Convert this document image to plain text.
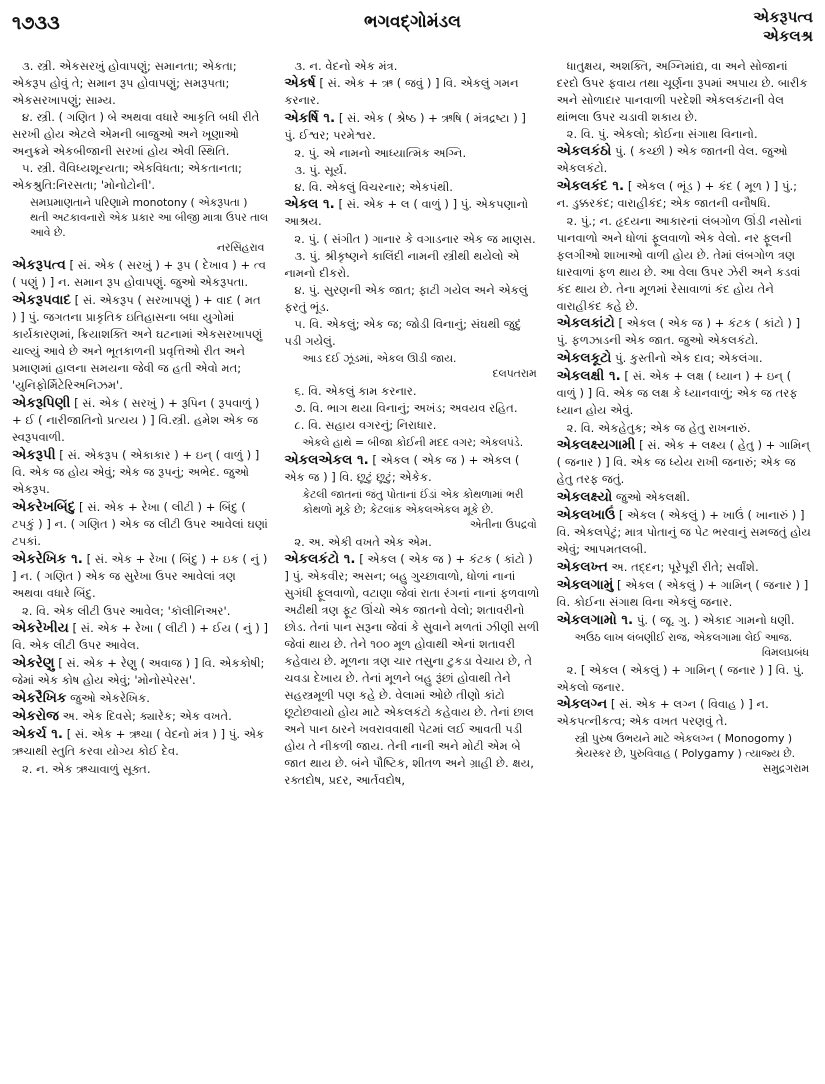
૧૭૩૩	ભગવદ્ગોમંડલ	એકરૂપત્વ
એકલશ્ર
૩. સ્ત્રી. એકસરખું હોવાપણું; સમાનતા; એકતા; એકરૂપ હોવું તે; સમાન રૂપ હોવાપણું; સમરૂપતા; એકસરખાપણું; સામ્ય.
૪. સ્ત્રી. ( ગણિત ) બે અથવા વધારે આકૃતિ બધી રીતે સરખી હોય એટલે એમની બાજુઓ અને ખૂણાઓ અનુક્રમે એકબીજાની સરખાં હોય એવી સ્થિતિ.
૫. સ્ત્રી. વૈવિધ્યશૂન્યતા; એકવિધતા; એકતાનતા; એકશ્રુતિ:નિરસતા; 'મોનોટોની'.
સમપ્રમાણતાને પરિણામે monotony ( એકરૂપતા ) થતી અટકાવનારો એક પ્રકાર આ બીજી માત્રા ઉપર તાલ આવે છે.
નરસિંહરાવ
એકરૂપત્વ [ સં. એક ( સરખું ) + રૂપ ( દેખાવ ) + ત્વ ( પણું ) ] ન. સમાન રૂપ હોવાપણું. જુઓ એકરૂપતા.
એકરૂપવાદ [ સં. એકરૂપ ( સરખાપણું ) + વાદ ( મત ) ] પું. જગતના પ્રાકૃતિક ઇતિહાસના બધા યુગોમાં કાર્યકારણમાં, ક્રિયાશક્તિ અને ઘટનામાં એકસરખાપણું ચાલ્યું આવે છે અને ભૂતકાળની પ્રવૃત્તિઓ રીત અને પ્રમાણમાં હાલના સમયના જેવી જ હતી એવો મત; 'યુનિફોર્મિટેરિઅનિઝમ'.
એકરૂપિણી [ સં. એક ( સરખું ) + રૂપિન ( રૂપવાળું ) + ઈ ( નારીજાતિનો પ્રત્યય ) ] વિ.સ્ત્રી. હમેશ એક જ સ્વરૂપવાળી.
એકરૂપી [ સં. એકરૂપ ( એકાકાર ) + ઇન્ ( વાળું ) ] વિ. એક જ હોય એવું; એક જ રૂપનું; અભેદ. જુઓ એકરૂપ.
એકરેખબિંદુ [ સં. એક + રેખા ( લીટી ) + બિંદુ ( ટપકું ) ] ન. ( ગણિત ) એક જ લીટી ઉપર આવેલાં ઘણાં ટપકાં.
એકરેખિક ૧. [ સં. એક + રેખા ( બિંદુ ) + ઇક ( નું ) ] ન. ( ગણિત ) એક જ સુરેખા ઉપર આવેલાં ત્રણ અથવા વધારે બિંદુ.
૨. વિ. એક લીટી ઉપર આવેલ; 'કૉલીનિઅર'.
એકરેખીય [ સં. એક + રેખા ( લીટી ) + ઈય ( નું ) ] વિ. એક લીટી ઉપર આવેલ.
એકરેણુ [ સં. એક + રેણુ ( અવાજ ) ] વિ. એકકોષી; જેમાં એક કોષ હોય એવું; 'મોનોસ્પેરસ'.
એકરૈખિક જુઓ એકરેખિક.
એકરોજ અ. એક દિવસે; ક્યારેક; એક વખતે.
એકર્ચ ૧. [ સં. એક + ઋચા ( વેદનો મંત્ર ) ] પું. એક ઋચાથી સ્તુતિ કરવા યોગ્ય કોઈ દેવ.
૨. ન. એક ઋચાવાળું સૂક્ત.
૩. ન. વેદનો એક મંત્ર.
એકર્ષ [ સં. એક + ઋ ( જવું ) ] વિ. એકલું ગમન કરનાર.
એકર્ષિ ૧. [ સં. એક ( શ્રેષ્ઠ ) + ઋષિ ( મંત્રદ્રષ્ટા ) ] પું. ઈશ્વર; પરમેશ્વર.
૨. પું. એ નામનો આધ્યાત્મિક અગ્નિ.
૩. પું. સૂર્ય.
૪. વિ. એકલું વિચરનાર; એકપંથી.
એકલ ૧. [ સં. એક + લ ( વાળું ) ] પું. એકપણાનો આશ્રય.
૨. પું. ( સંગીત ) ગાનાર કે વગાડનાર એક જ માણસ.
૩. પું. શ્રીકૃષ્ણને કાલિંદી નામની સ્ત્રીથી થયેલો એ નામનો દીકરો.
૪. પું. સુરણની એક જાત; ફાટી ગયેલ અને એકલું ફરતું ભૂંડ.
૫. વિ. એકલું; એક જ; જોડી વિનાનું; સંઘથી જુદું પડી ગયેલું.
આડ દઈ ઝૂંડમાં, એકલ ઊડી જાય.
દલપતરામ
૬. વિ. એકલું કામ કરનાર.
૭. વિ. ભાગ થયા વિનાનું; અખંડ; અવયવ રહિત.
૮. વિ. સહાય વગરનું; નિરાધાર.
એકલે હાથે = બીજા કોઈની મદદ વગર; એકલપંડે.
એકલએકલ ૧. [ એકલ ( એક જ ) + એકલ ( એક જ ) ] વિ. છૂટું છૂટું; એકેક.
કેટલી જાતનાં જંતુ પોતાનાં ઈંડાં એક કોથળામાં ભરી કોથળો મૂકે છે; કેટલાંક એકલએકલ મૂકે છે.
એતીના ઉપદ્રવો
૨. અ. એકી વખતે એક એમ.
એકલકંટો ૧. [ એકલ ( એક જ ) + કંટક ( કાંટો ) ] પું. એકવીર; અસન; બહુ ગુચ્છાવાળો, ધોળાં નાનાં સુગંધી ફૂલવાળો, વટાણા જેવાં રાતા રંગનાં નાનાં ફળવાળો અઢીથી ત્રણ ફૂટ ઊંચો એક જાતનો વેલો; શતાવરીનો છોડ. તેનાં પાન સરૂના જેવાં કે સુવાને મળતાં ઝીણી સળી જેવાં થાય છે. તેને ૧૦૦ મૂળ હોવાથી એનાં શતાવરી કહેવાય છે. મૂળના ત્રણ ચાર તસુના ટુકડા વેચાય છે, તે ચવડા દેખાય છે. તેનાં મૂળને બહુ રૂંછાં હોવાથી તેને સહસ્ત્રમૂળી પણ કહે છે. વેલામાં ઓછે તીણો કાંટો છૂટોછવાયો હોય માટે એકલકંટો કહેવાય છે. તેનાં છાલ અને પાન ઠારને ખવરાવવાથી પેટમાં લઈ આવતી પડી હોય તે નીકળી જાય. તેની નાની અને મોટી એમ બે જાત થાય છે. બંને પૌષ્ટિક, શીતળ અને ગ્રાહી છે. ક્ષય, રક્તદોષ, પ્રદર, આર્તવદોષ,
ધાતુક્ષય, અશક્તિ, અગ્નિમાંદ્ય, વા અને સોજાનાં દરદો ઉપર ફવાય તથા ચૂર્ણના રૂપમાં અપાય છે. બારીક અને સોળાદાર પાનવાળી પરદેશી એકલકંટાની વેલ થાંભલા ઉપર ચડાવી શકાય છે.
૨. વિ. પું. એકલો; કોઈના સંગાથ વિનાનો.
એકલકંઠો પું. ( કચ્છી ) એક જાતની વેલ. જુઓ એકલકંટો.
એકલકંદ ૧. [ એકલ ( ભૂંડ ) + કંદ ( મૂળ ) ] પું.; ન. ડુક્કરકંદ; વારાહીકંદ; એક જાતની વનૌષધિ.
૨. પું.; ન. હૃદયના આકારનાં લંબગોળ ઊંડી નસોનાં પાનવાળો અને ધોળાં ફૂલવાળો એક વેલો. નર ફૂલની ફલગીઓ શાખાઓ વાળી હોય છે. તેમાં લંબગોળ ત્રણ ધારવાળાં ફળ થાય છે. આ વેલા ઉપર ઝેરી અને કડવાં કંદ થાય છે. તેના મૂળમાં રેસાવાળાં કંદ હોય તેને વારાહીકંદ કહે છે.
એકલકાંટો [ એકલ ( એક જ ) + કંટક ( કાંટો ) ] પું. ફળઝાડની એક જાત. જુઓ એકલકંટો.
એકલકૂટો પું. કુસ્તીનો એક દાવ; એકલંગા.
એકલક્ષી ૧. [ સં. એક + લક્ષ ( ધ્યાન ) + ઇન્ ( વાળું ) ] વિ. એક જ લક્ષ કે ધ્યાનવાળું; એક જ તરફ ધ્યાન હોય એવું.
૨. વિ. એકહેતુક; એક જ હેતુ રાખનારું.
એકલક્ષ્યગામી [ સં. એક + લક્ષ્ય ( હેતુ ) + ગામિન્ ( જનાર ) ] વિ. એક જ ધ્યેય રાખી જનારું; એક જ હેતુ તરફ જતું.
એકલક્ષ્યો જુઓ એકલક્ષી.
એકલખાઉં [ એકલ ( એકલું ) + ખાઉં ( ખાનારું ) ] વિ. એકલપેટું; માત્ર પોતાનું જ પેટ ભરવાનું સમજતું હોય એવું; આપમતલબી.
એકલખ્ત અ. તદ્દન; પૂરેપૂરી રીતે; સર્વાંશે.
એકલગામું [ એકલ ( એકલું ) + ગામિન્ ( જનાર ) ] વિ. કોઈના સંગાથ વિના એકલું જનાર.
એકલગામો ૧. પું. ( જૂ. ગુ. ) એકાદ ગામનો ધણી.
અઉઠ લાખ લંબણીઈ રાજ, એકલગામા લેઈ આજ.
વિમલપ્રબંધ
૨. [ એકલ ( એકલું ) + ગામિન્ ( જનાર ) ] વિ. પું. એકલો જનાર.
એકલગ્ન [ સં. એક + લગ્ન ( વિવાહ ) ] ન. એકપત્નીકત્વ; એક વખત પરણવું તે.
સ્ત્રી પુરુષ ઉભયને માટે એકલગ્ન ( Monogomy ) શ્રેયસ્કર છે, પુરુવિવાહ ( Polygamy ) ત્યાજ્ય છે.
સમુદ્રગરામ
